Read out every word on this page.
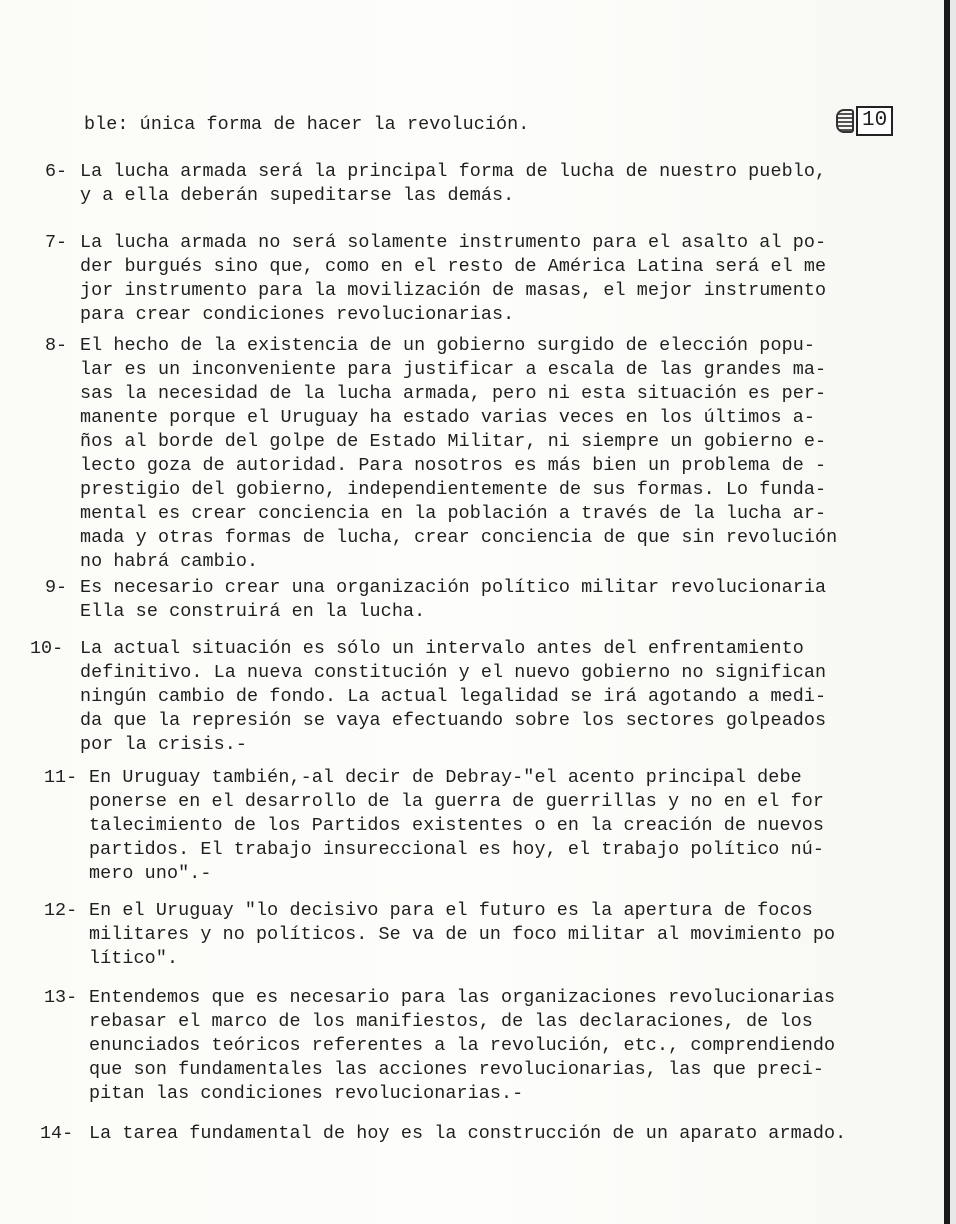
10
ble: única forma de hacer la revolución.
6- La lucha armada será la principal forma de lucha de nuestro pueblo,
y a ella deberán supeditarse las demás.
7- La lucha armada no será solamente instrumento para el asalto al po-
der burgués sino que, como en el resto de América Latina será el me
jor instrumento para la movilización de masas, el mejor instrumento
para crear condiciones revolucionarias.
8- El hecho de la existencia de un gobierno surgido de elección popu-
lar es un inconveniente para justificar a escala de las grandes ma-
sas la necesidad de la lucha armada, pero ni esta situación es per-
manente porque el Uruguay ha estado varias veces en los últimos a-
ños al borde del golpe de Estado Militar, ni siempre un gobierno e-
lecto goza de autoridad. Para nosotros es más bien un problema de -
prestigio del gobierno, independientemente de sus formas. Lo funda-
mental es crear conciencia en la población a través de la lucha ar-
mada y otras formas de lucha, crear conciencia de que sin revolución
no habrá cambio.
9- Es necesario crear una organización político militar revolucionaria
Ella se construirá en la lucha.
10- La actual situación es sólo un intervalo antes del enfrentamiento
definitivo. La nueva constitución y el nuevo gobierno no significan
ningún cambio de fondo. La actual legalidad se irá agotando a medi-
da que la represión se vaya efectuando sobre los sectores golpeados
por la crisis.-
11- En Uruguay también,-al decir de Debray-"el acento principal debe
ponerse en el desarrollo de la guerra de guerrillas y no en el for
talecimiento de los Partidos existentes o en la creación de nuevos
partidos. El trabajo insureccional es hoy, el trabajo político nú-
mero uno".-
12- En el Uruguay "lo decisivo para el futuro es la apertura de focos
militares y no políticos. Se va de un foco militar al movimiento po
lítico".
13- Entendemos que es necesario para las organizaciones revolucionarias
rebasar el marco de los manifiestos, de las declaraciones, de los
enunciados teóricos referentes a la revolución, etc., comprendiendo
que son fundamentales las acciones revolucionarias, las que preci-
pitan las condiciones revolucionarias.-
14- La tarea fundamental de hoy es la construcción de un aparato armado.
